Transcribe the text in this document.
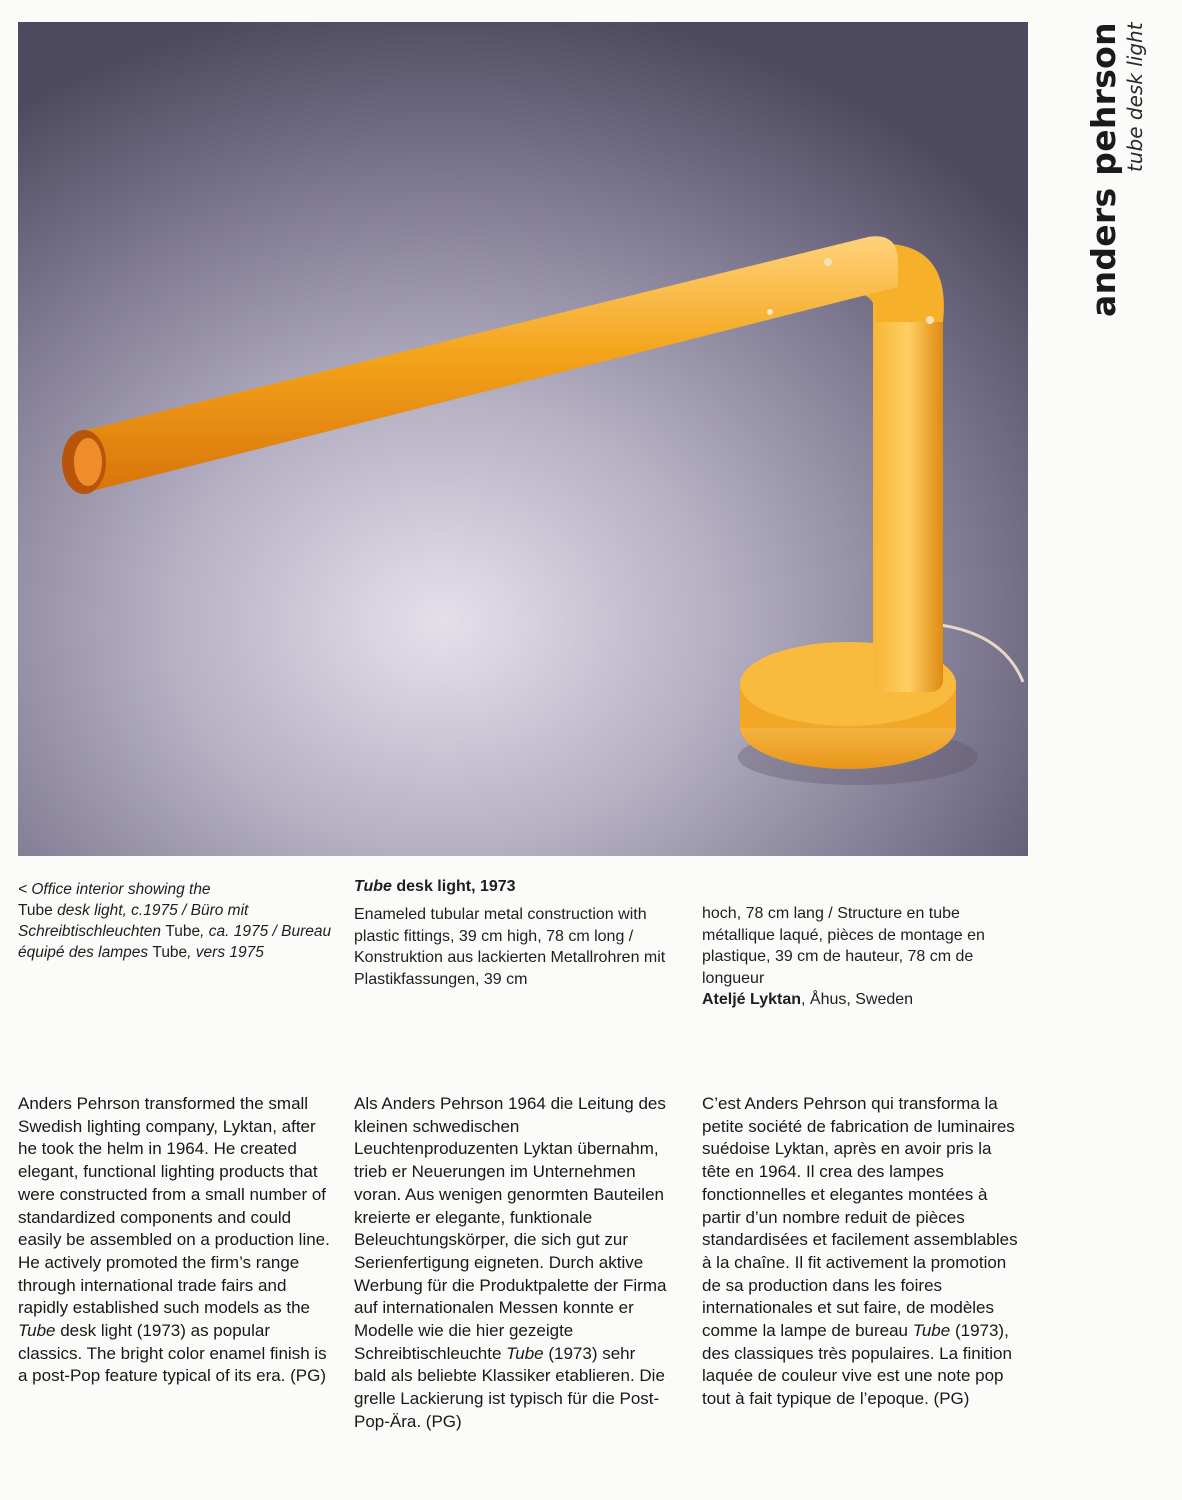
anders pehrson
tube desk light
< Office interior showing the
Tube desk light, c.1975 / Büro mit Schreibtischleuchten Tube, ca. 1975 / Bureau équipé des lampes Tube, vers 1975
Tube desk light, 1973
Enameled tubular metal construction with plastic fittings, 39 cm high, 78 cm long / Konstruktion aus lackierten Metallrohren mit Plastikfassungen, 39 cm
hoch, 78 cm lang / Structure en tube métallique laqué, pièces de montage en plastique, 39 cm de hauteur, 78 cm de longueur
Ateljé Lyktan, Åhus, Sweden
Anders Pehrson transformed the small Swedish lighting company, Lyktan, after he took the helm in 1964. He created elegant, functional lighting products that were constructed from a small number of standardized components and could easily be assembled on a production line. He actively promoted the firm’s range through international trade fairs and rapidly established such models as the Tube desk light (1973) as popular classics. The bright color enamel finish is a post-Pop feature typical of its era. (PG)
Als Anders Pehrson 1964 die Leitung des kleinen schwedischen Leuchtenproduzenten Lyktan übernahm, trieb er Neuerungen im Unternehmen voran. Aus wenigen genormten Bauteilen kreierte er elegante, funktionale Beleuchtungskörper, die sich gut zur Serienfertigung eigneten. Durch aktive Werbung für die Produktpalette der Firma auf internationalen Messen konnte er Modelle wie die hier gezeigte Schreibtischleuchte Tube (1973) sehr bald als beliebte Klassiker etablieren. Die grelle Lackierung ist typisch für die Post-Pop-Ära. (PG)
C’est Anders Pehrson qui transforma la petite société de fabrication de luminaires suédoise Lyktan, après en avoir pris la tête en 1964. Il crea des lampes fonctionnelles et elegantes montées à partir d’un nombre reduit de pièces standardisées et facilement assemblables à la chaîne. Il fit activement la promotion de sa production dans les foires internationales et sut faire, de modèles comme la lampe de bureau Tube (1973), des classiques très populaires. La finition laquée de couleur vive est une note pop tout à fait typique de l’epoque. (PG)
